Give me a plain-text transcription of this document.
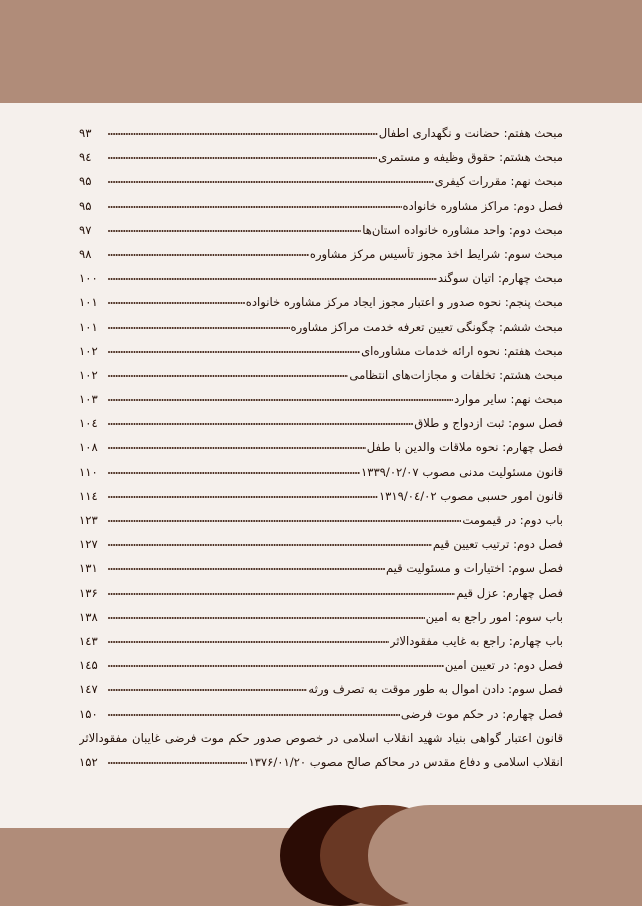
مبحث هفتم: حضانت و نگهداری اطفال
۹۳
مبحث هشتم: حقوق وظیفه و مستمری
۹٤
مبحث نهم: مقررات کیفری
۹۵
فصل دوم: مراکز مشاوره خانواده
۹۵
مبحث دوم: واحد مشاوره خانواده استان‌ها
۹۷
مبحث سوم: شرایط اخذ مجوز تأسیس مرکز مشاوره
۹۸
مبحث چهارم: اتیان سوگند
۱۰۰
مبحث پنجم: نحوه صدور و اعتبار مجوز ایجاد مرکز مشاوره خانواده
۱۰۱
مبحث ششم: چگونگی تعیین تعرفه خدمت مراکز مشاوره
۱۰۱
مبحث هفتم: نحوه ارائه خدمات مشاوره‌ای
۱۰۲
مبحث هشتم: تخلفات و مجازات‌های انتظامی
۱۰۲
مبحث نهم: سایر موارد
۱۰۳
فصل سوم: ثبت ازدواج و طلاق
۱۰٤
فصل چهارم: نحوه ملاقات والدین با طفل
۱۰۸
قانون مسئولیت مدنی مصوب ۱۳۳۹/۰۲/۰۷
۱۱۰
قانون امور حسبی مصوب ۱۳۱۹/۰٤/۰۲
۱۱٤
باب دوم: در قیمومت
۱۲۳
فصل دوم: ترتیب تعیین قیم
۱۲۷
فصل سوم: اختیارات و مسئولیت قیم
۱۳۱
فصل چهارم: عزل قیم
۱۳۶
باب سوم: امور راجع به امین
۱۳۸
باب چهارم: راجع به غایب مفقودالاثر
۱٤۳
فصل دوم: در تعیین امین
۱٤۵
فصل سوم: دادن اموال به طور موقت به تصرف ورثه
۱٤۷
فصل چهارم: در حکم موت فرضی
۱۵۰
قانون اعتبار گواهی بنیاد شهید انقلاب اسلامی در خصوص صدور حکم موت فرضی غایبان مفقودالاثر
انقلاب اسلامی و دفاع مقدس در محاکم صالح مصوب ۱۳۷۶/۰۱/۲۰
۱۵۲
